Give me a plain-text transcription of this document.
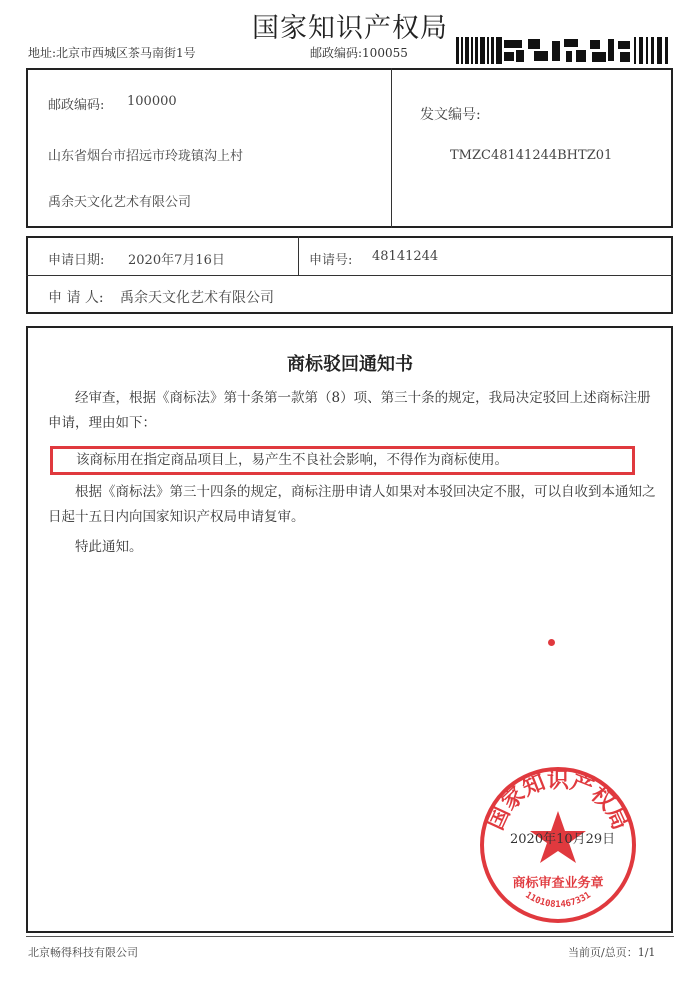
国家知识产权局
地址:北京市西城区茶马南街1号	邮政编码:100055
邮政编码: 100000
山东省烟台市招远市玲珑镇沟上村
禹余天文化艺术有限公司
发文编号:
TMZC48141244BHTZ01
申请日期: 2020年7月16日	申请号: 48141244
申 请 人: 禹余天文化艺术有限公司
商标驳回通知书
经审查，根据《商标法》第十条第一款第（8）项、第三十条的规定，我局决定驳回上述商标注册申请，理由如下：
该商标用在指定商品项目上，易产生不良社会影响，不得作为商标使用。
根据《商标法》第三十四条的规定，商标注册申请人如果对本驳回决定不服，可以自收到本通知之日起十五日内向国家知识产权局申请复审。
特此通知。
国家知识产权局
商标审查业务章
1101081467331
2020年10月29日
北京畅得科技有限公司	当前页/总页：1/1
